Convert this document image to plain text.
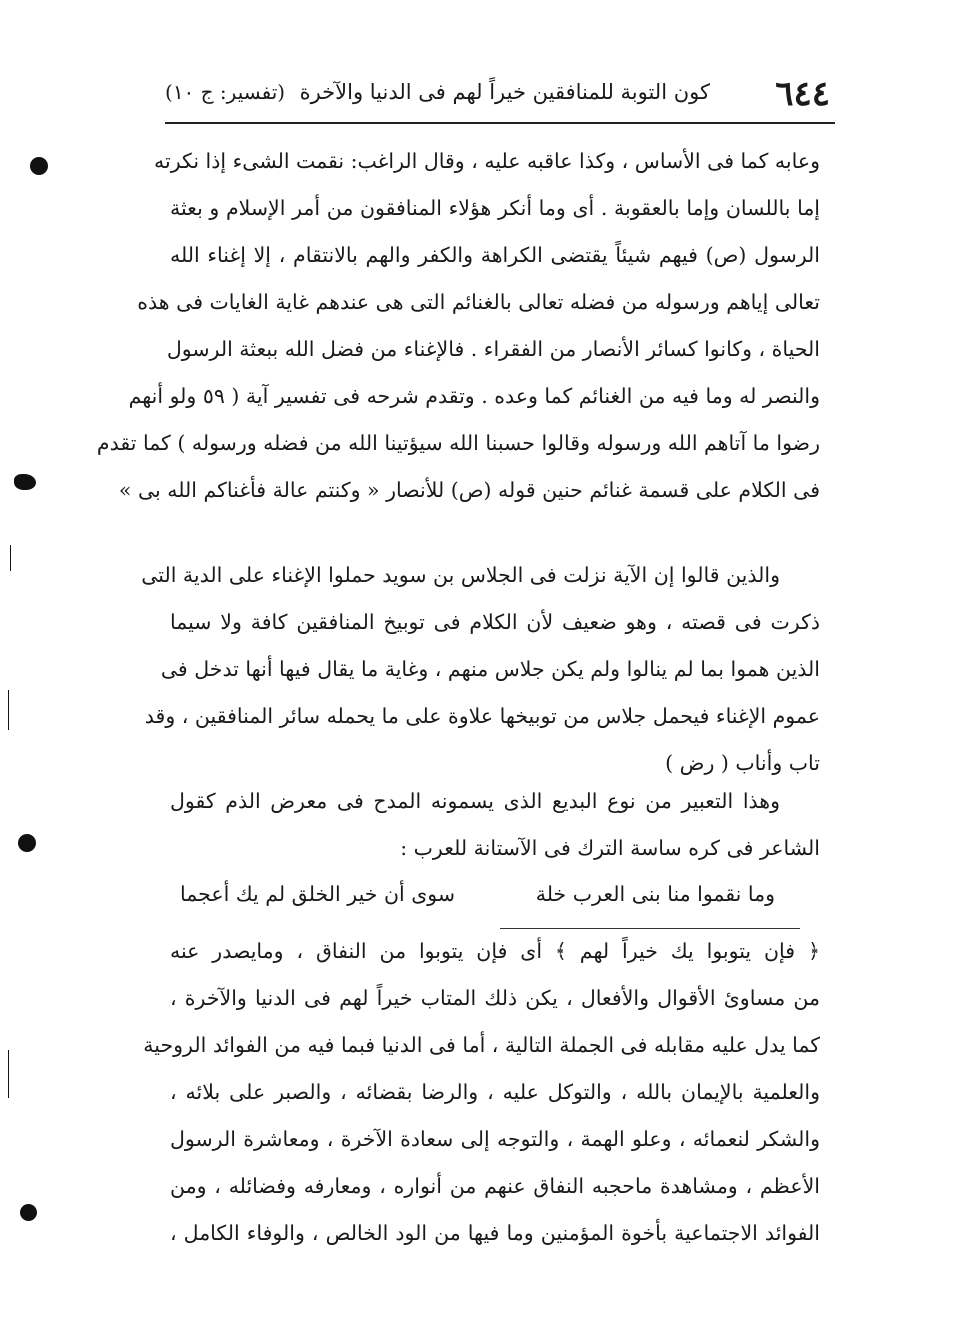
٦٤٤
كون التوبة للمنافقين خيراً لهم فى الدنيا والآخرة
(تفسير: ج ١٠)
وعابه كما فى الأساس ، وكذا عاقبه عليه ، وقال الراغب: نقمت الشىء إذا نكرته
إما باللسان وإما بالعقوبة . أى وما أنكر هؤلاء المنافقون من أمر الإسلام و بعثة
الرسول (ص) فيهم شيئاً يقتضى الكراهة والكفر والهم بالانتقام ، إلا إغناء الله
تعالى إياهم ورسوله من فضله تعالى بالغنائم التى هى عندهم غاية الغايات فى هذه
الحياة ، وكانوا كسائر الأنصار من الفقراء . فالإغناء من فضل الله ببعثة الرسول
والنصر له وما فيه من الغنائم كما وعده . وتقدم شرحه فى تفسير آية ( ٥٩ ولو أنهم
رضوا ما آتاهم الله ورسوله وقالوا حسبنا الله سيؤتينا الله من فضله ورسوله ) كما تقدم
فى الكلام على قسمة غنائم حنين قوله (ص) للأنصار « وكنتم عالة فأغناكم الله بى »
والذين قالوا إن الآية نزلت فى الجلاس بن سويد حملوا الإغناء على الدية التى
ذكرت فى قصته ، وهو ضعيف لأن الكلام فى توبيخ المنافقين كافة ولا سيما
الذين هموا بما لم ينالوا ولم يكن جلاس منهم ، وغاية ما يقال فيها أنها تدخل فى
عموم الإغناء فيحمل جلاس من توبيخها علاوة على ما يحمله سائر المنافقين ، وقد
تاب وأناب ( رض )
وهذا التعبير من نوع البديع الذى يسمونه المدح فى معرض الذم كقول
الشاعر فى كره ساسة الترك فى الآستانة للعرب :
وما نقموا منا بنى العرب خلة
سوى أن خير الخلق لم يك أعجما
﴿ فإن يتوبوا يك خيراً لهم ﴾ أى فإن يتوبوا من النفاق ، ومايصدر عنه
من مساوئ الأقوال والأفعال ، يكن ذلك المتاب خيراً لهم فى الدنيا والآخرة ،
كما يدل عليه مقابله فى الجملة التالية ، أما فى الدنيا فبما فيه من الفوائد الروحية
والعلمية بالإيمان بالله ، والتوكل عليه ، والرضا بقضائه ، والصبر على بلائه ،
والشكر لنعمائه ، وعلو الهمة ، والتوجه إلى سعادة الآخرة ، ومعاشرة الرسول
الأعظم ، ومشاهدة ماحجبه النفاق عنهم من أنواره ، ومعارفه وفضائله ، ومن
الفوائد الاجتماعية بأخوة المؤمنين وما فيها من الود الخالص ، والوفاء الكامل ،
